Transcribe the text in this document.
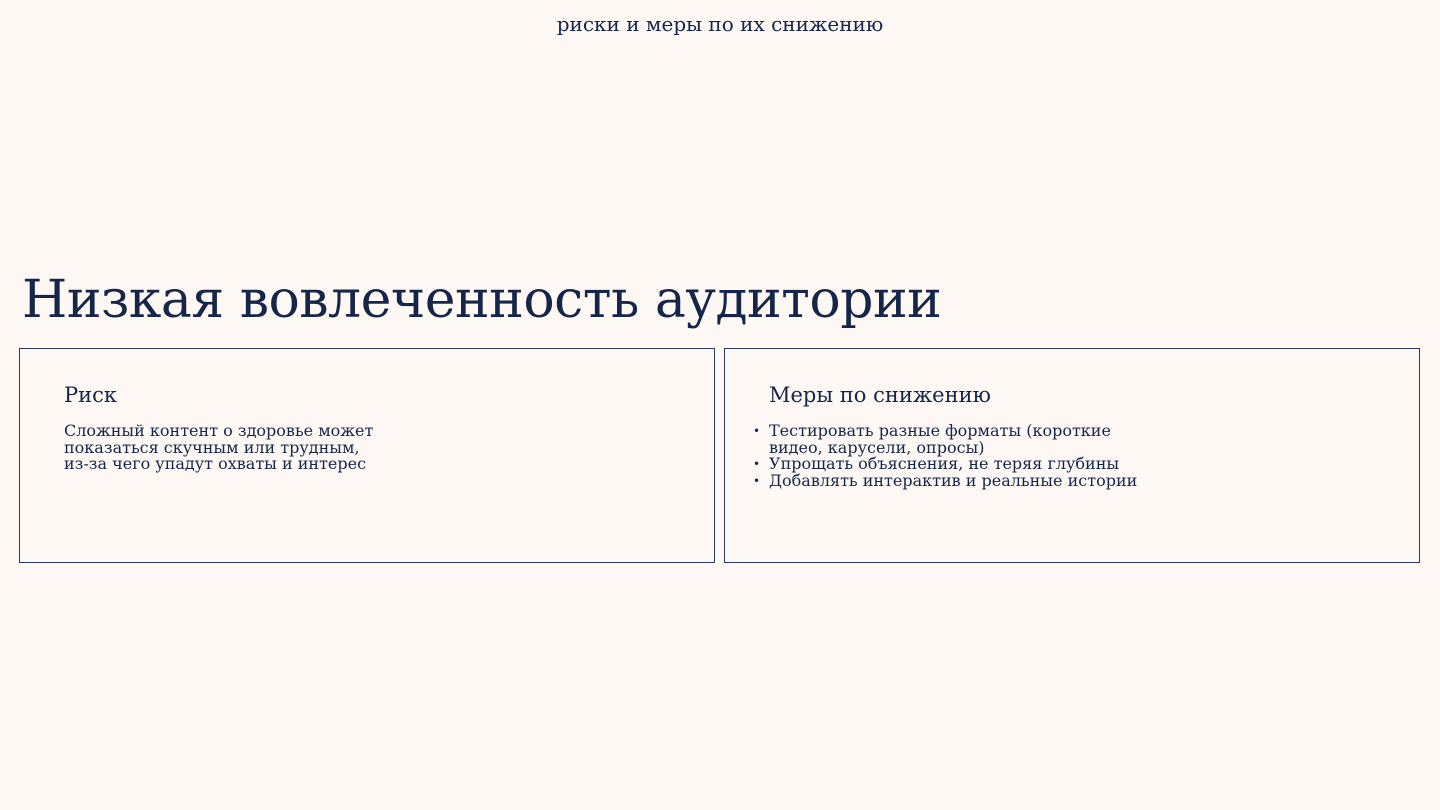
риски и меры по их снижению
Низкая вовлеченность аудитории
Риск

Сложный контент о здоровье может показаться скучным или трудным, из-за чего упадут охваты и интерес

Меры по снижению
• Тестировать разные форматы (короткие видео, карусели, опросы)
• Упрощать объяснения, не теряя глубины
• Добавлять интерактив и реальные истории
